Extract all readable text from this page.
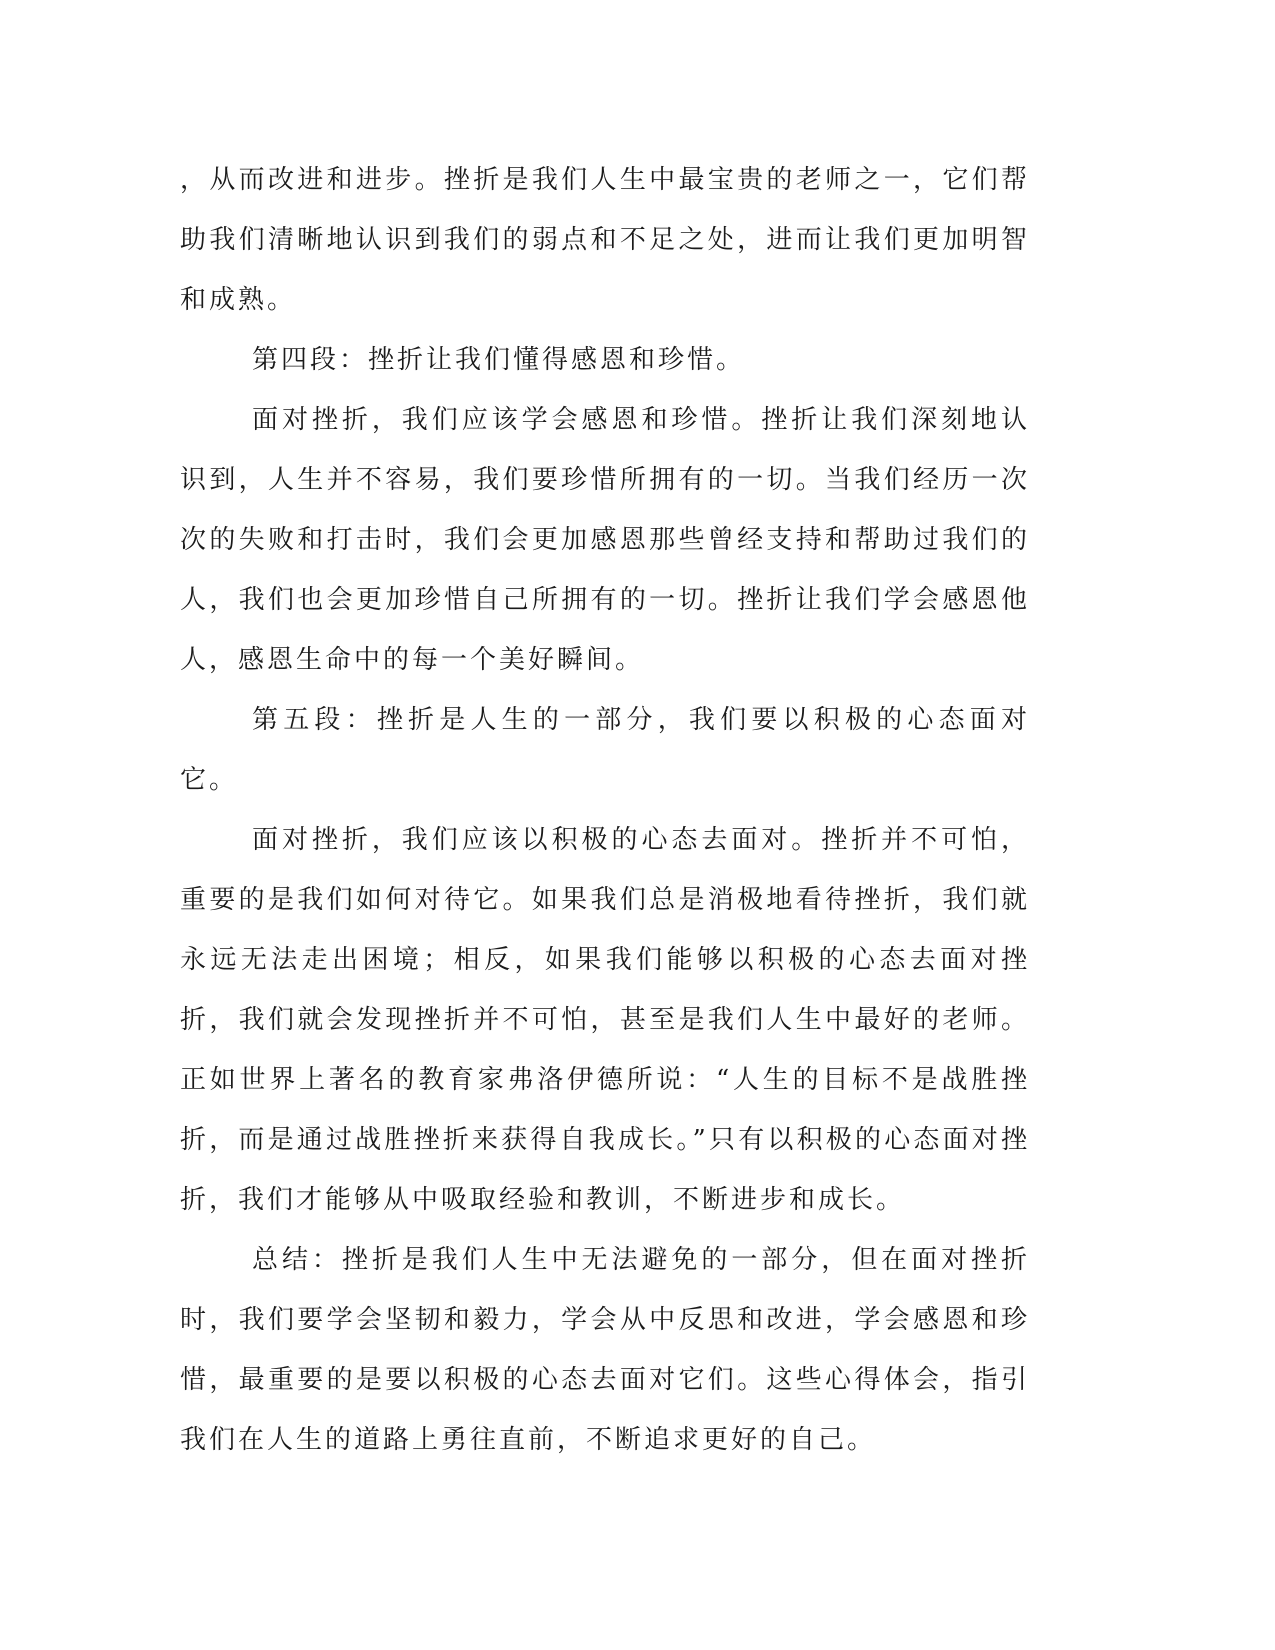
，从而改进和进步。挫折是我们人生中最宝贵的老师之一，它们帮助我们清晰地认识到我们的弱点和不足之处，进而让我们更加明智和成熟。

第四段：挫折让我们懂得感恩和珍惜。

面对挫折，我们应该学会感恩和珍惜。挫折让我们深刻地认识到，人生并不容易，我们要珍惜所拥有的一切。当我们经历一次次的失败和打击时，我们会更加感恩那些曾经支持和帮助过我们的人，我们也会更加珍惜自己所拥有的一切。挫折让我们学会感恩他人，感恩生命中的每一个美好瞬间。

第五段：挫折是人生的一部分，我们要以积极的心态面对它。

面对挫折，我们应该以积极的心态去面对。挫折并不可怕，重要的是我们如何对待它。如果我们总是消极地看待挫折，我们就永远无法走出困境；相反，如果我们能够以积极的心态去面对挫折，我们就会发现挫折并不可怕，甚至是我们人生中最好的老师。正如世界上著名的教育家弗洛伊德所说：“人生的目标不是战胜挫折，而是通过战胜挫折来获得自我成长。”只有以积极的心态面对挫折，我们才能够从中吸取经验和教训，不断进步和成长。

总结：挫折是我们人生中无法避免的一部分，但在面对挫折时，我们要学会坚韧和毅力，学会从中反思和改进，学会感恩和珍惜，最重要的是要以积极的心态去面对它们。这些心得体会，指引我们在人生的道路上勇往直前，不断追求更好的自己。
